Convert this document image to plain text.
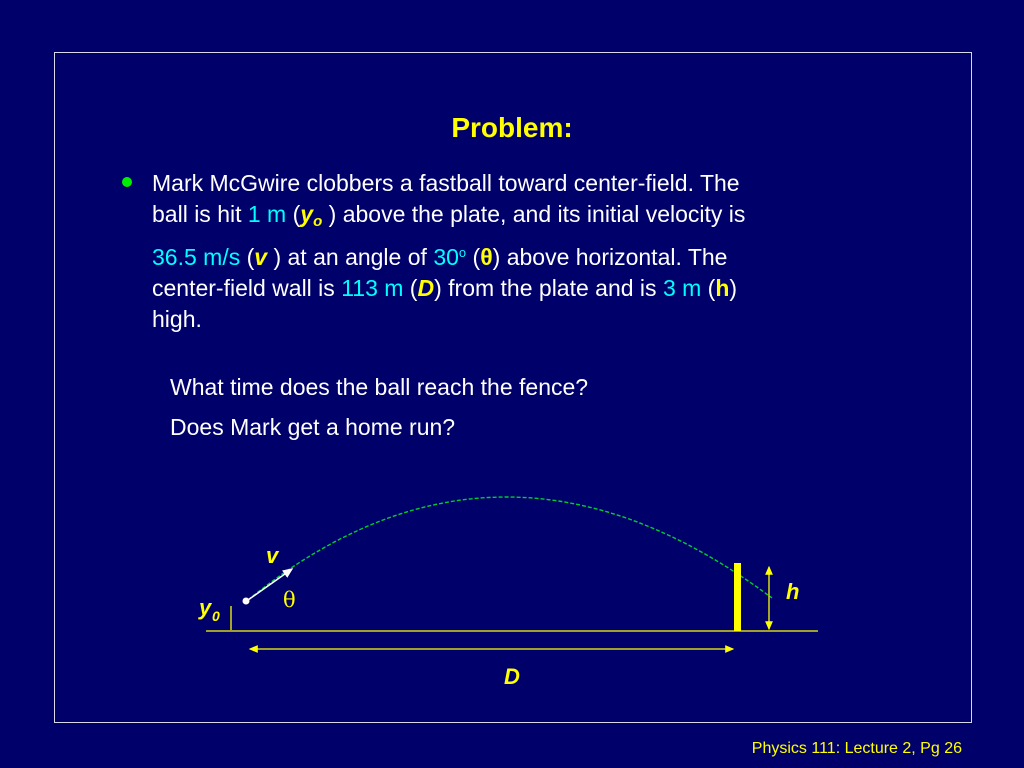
Problem:

Mark McGwire clobbers a fastball toward center-field. The
ball is hit 1 m ($y_o$ ) above the plate, and its initial velocity is
36.5 m/s (v ) at an angle of 30$^o$ (θ) above horizontal. The
center-field wall is 113 m (D) from the plate and is 3 m (h)
high.

What time does the ball reach the fence?

Does Mark get a home run?

v
θ
y 0
h
D
Physics 111: Lecture 2, Pg 26
